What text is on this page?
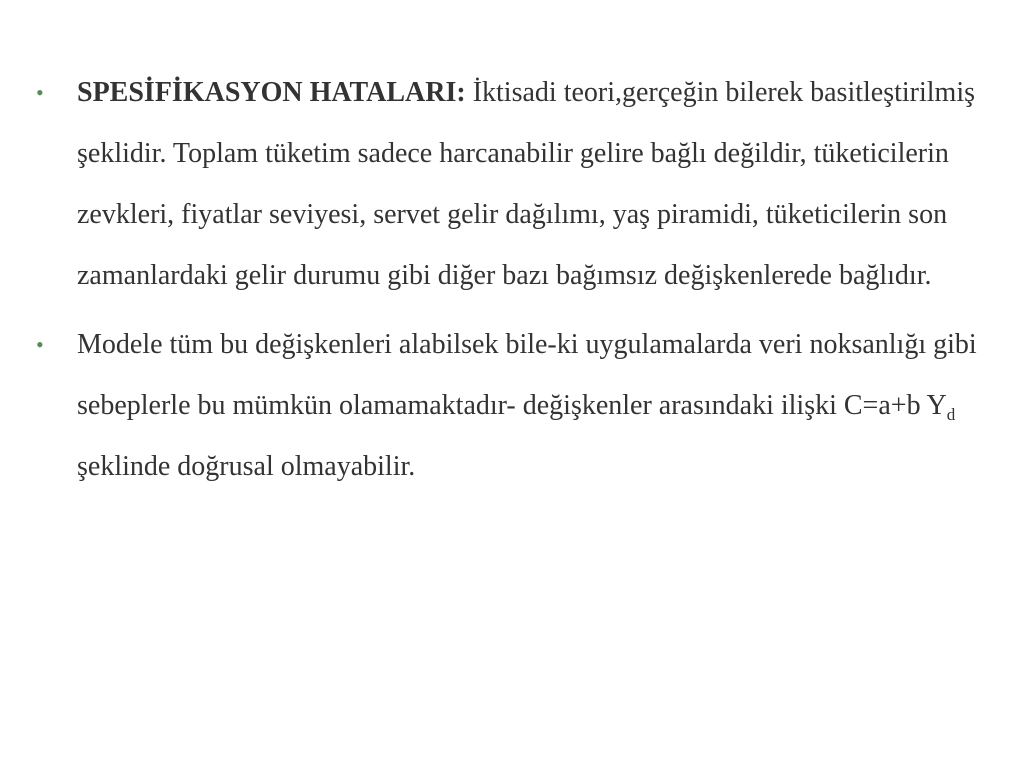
• SPESİFİKASYON HATALARI: İktisadi teori,gerçeğin bilerek basitleştirilmiş şeklidir. Toplam tüketim sadece harcanabilir gelire bağlı değildir, tüketicilerin zevkleri, fiyatlar seviyesi, servet gelir dağılımı, yaş piramidi, tüketicilerin son zamanlardaki gelir durumu gibi diğer bazı bağımsız değişkenlerede bağlıdır.
• Modele tüm bu değişkenleri alabilsek bile-ki uygulamalarda veri noksanlığı gibi sebeplerle bu mümkün olamamaktadır- değişkenler arasındaki ilişki C=a+b $Y_d$ şeklinde doğrusal olmayabilir.
